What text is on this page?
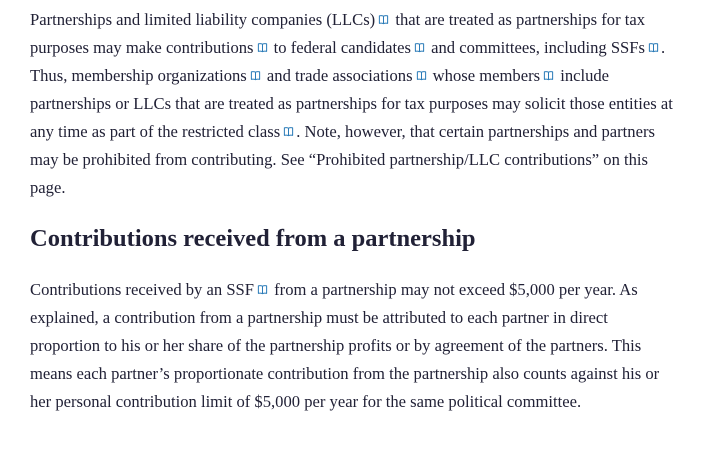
Partnerships and limited liability companies (LLCs)
that are treated as partnerships for tax purposes may make contributions
to federal candidates
and committees, including SSFs . Thus, membership organizations
and trade associations
whose members
include partnerships or LLCs that are treated as partnerships for tax purposes may solicit those entities at any time as part of the restricted class . Note, however, that certain partnerships and partners may be prohibited from contributing. See “Prohibited partnership/LLC contributions” on this page.

Contributions received from a partnership

Contributions received by an SSF
from a partnership may not exceed $5,000 per year. As explained, a contribution from a partnership must be attributed to each partner in direct proportion to his or her share of the partnership profits or by agreement of the partners. This means each partner’s proportionate contribution from the partnership also counts against his or her personal contribution limit of $5,000 per year for the same political committee.
